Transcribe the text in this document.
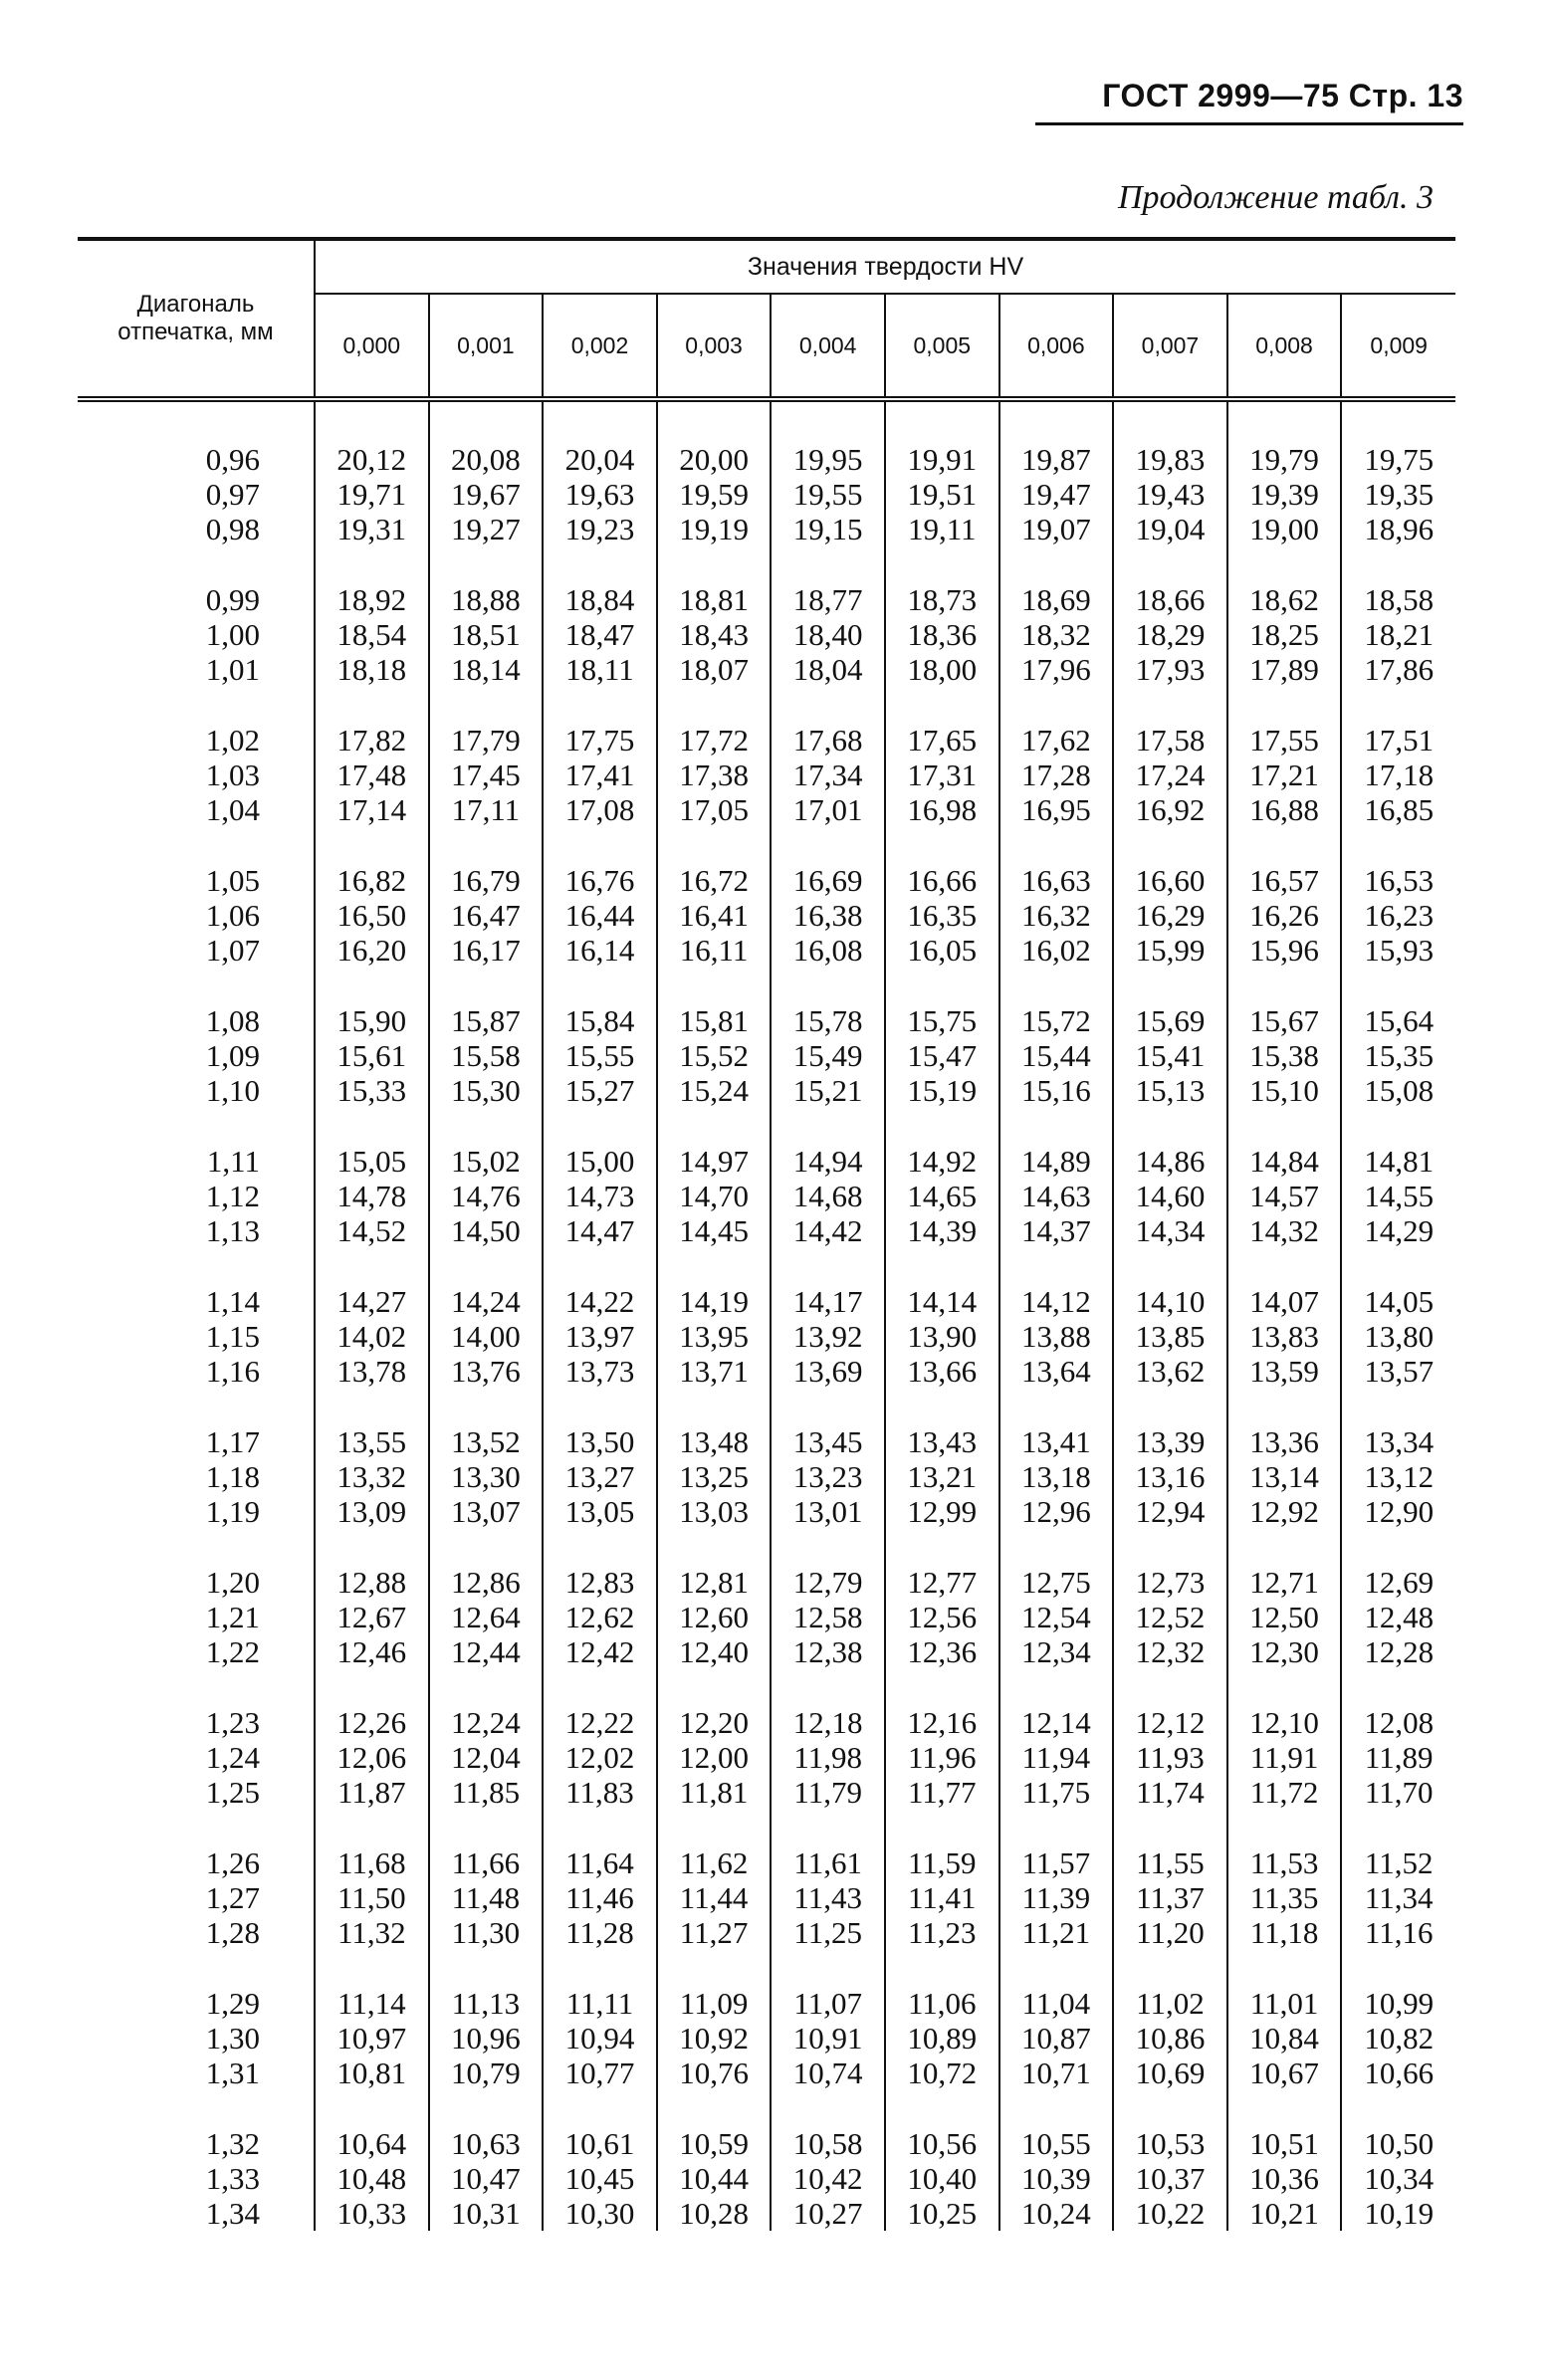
ГОСТ 2999—75 Стр. 13
Продолжение табл. 3
Диагональ отпечатка, мм	Значения твердости HV									
	0,000	0,001	0,002	0,003	0,004	0,005	0,006	0,007	0,008	0,009

0,96	20,12	20,08	20,04	20,00	19,95	19,91	19,87	19,83	19,79	19,75
0,97	19,71	19,67	19,63	19,59	19,55	19,51	19,47	19,43	19,39	19,35
0,98	19,31	19,27	19,23	19,19	19,15	19,11	19,07	19,04	19,00	18,96

0,99	18,92	18,88	18,84	18,81	18,77	18,73	18,69	18,66	18,62	18,58
1,00	18,54	18,51	18,47	18,43	18,40	18,36	18,32	18,29	18,25	18,21
1,01	18,18	18,14	18,11	18,07	18,04	18,00	17,96	17,93	17,89	17,86

1,02	17,82	17,79	17,75	17,72	17,68	17,65	17,62	17,58	17,55	17,51
1,03	17,48	17,45	17,41	17,38	17,34	17,31	17,28	17,24	17,21	17,18
1,04	17,14	17,11	17,08	17,05	17,01	16,98	16,95	16,92	16,88	16,85

1,05	16,82	16,79	16,76	16,72	16,69	16,66	16,63	16,60	16,57	16,53
1,06	16,50	16,47	16,44	16,41	16,38	16,35	16,32	16,29	16,26	16,23
1,07	16,20	16,17	16,14	16,11	16,08	16,05	16,02	15,99	15,96	15,93

1,08	15,90	15,87	15,84	15,81	15,78	15,75	15,72	15,69	15,67	15,64
1,09	15,61	15,58	15,55	15,52	15,49	15,47	15,44	15,41	15,38	15,35
1,10	15,33	15,30	15,27	15,24	15,21	15,19	15,16	15,13	15,10	15,08

1,11	15,05	15,02	15,00	14,97	14,94	14,92	14,89	14,86	14,84	14,81
1,12	14,78	14,76	14,73	14,70	14,68	14,65	14,63	14,60	14,57	14,55
1,13	14,52	14,50	14,47	14,45	14,42	14,39	14,37	14,34	14,32	14,29

1,14	14,27	14,24	14,22	14,19	14,17	14,14	14,12	14,10	14,07	14,05
1,15	14,02	14,00	13,97	13,95	13,92	13,90	13,88	13,85	13,83	13,80
1,16	13,78	13,76	13,73	13,71	13,69	13,66	13,64	13,62	13,59	13,57

1,17	13,55	13,52	13,50	13,48	13,45	13,43	13,41	13,39	13,36	13,34
1,18	13,32	13,30	13,27	13,25	13,23	13,21	13,18	13,16	13,14	13,12
1,19	13,09	13,07	13,05	13,03	13,01	12,99	12,96	12,94	12,92	12,90

1,20	12,88	12,86	12,83	12,81	12,79	12,77	12,75	12,73	12,71	12,69
1,21	12,67	12,64	12,62	12,60	12,58	12,56	12,54	12,52	12,50	12,48
1,22	12,46	12,44	12,42	12,40	12,38	12,36	12,34	12,32	12,30	12,28

1,23	12,26	12,24	12,22	12,20	12,18	12,16	12,14	12,12	12,10	12,08
1,24	12,06	12,04	12,02	12,00	11,98	11,96	11,94	11,93	11,91	11,89
1,25	11,87	11,85	11,83	11,81	11,79	11,77	11,75	11,74	11,72	11,70

1,26	11,68	11,66	11,64	11,62	11,61	11,59	11,57	11,55	11,53	11,52
1,27	11,50	11,48	11,46	11,44	11,43	11,41	11,39	11,37	11,35	11,34
1,28	11,32	11,30	11,28	11,27	11,25	11,23	11,21	11,20	11,18	11,16

1,29	11,14	11,13	11,11	11,09	11,07	11,06	11,04	11,02	11,01	10,99
1,30	10,97	10,96	10,94	10,92	10,91	10,89	10,87	10,86	10,84	10,82
1,31	10,81	10,79	10,77	10,76	10,74	10,72	10,71	10,69	10,67	10,66

1,32	10,64	10,63	10,61	10,59	10,58	10,56	10,55	10,53	10,51	10,50
1,33	10,48	10,47	10,45	10,44	10,42	10,40	10,39	10,37	10,36	10,34
1,34	10,33	10,31	10,30	10,28	10,27	10,25	10,24	10,22	10,21	10,19
